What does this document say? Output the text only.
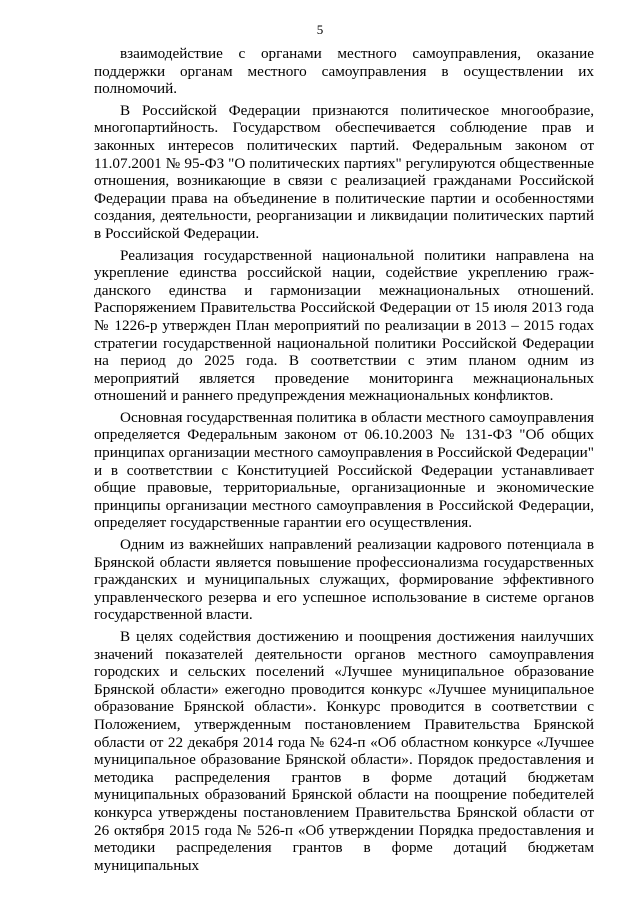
5

взаимодействие с органами местного самоуправления, оказание поддержки органам местного самоуправления в осуществлении их полномочий.

В Российской Федерации признаются политическое многообразие, многопартийность. Государством обеспечивается соблюдение прав и законных интересов политических партий. Федеральным законом от 11.07.2001 № 95-ФЗ "О политических партиях" регулируются общественные отношения, возникающие в связи с реализацией гражданами Российской Федерации права на объединение в политические партии и особенностями создания, деятельности, реорганизации и ликвидации политических партий в Российской Федерации.

Реализация государственной национальной политики направлена на укрепление единства российской нации, содействие укреплению гражданского единства и гармонизации межнациональных отношений. Распоряжением Правительства Российской Федерации от 15 июля 2013 года № 1226-р утвержден План мероприятий по реализации в 2013 – 2015 годах стратегии государственной национальной политики Российской Федерации на период до 2025 года. В соответствии с этим планом одним из мероприятий является проведение мониторинга межнациональных отношений и раннего предупреждения межнациональных конфликтов.

Основная государственная политика в области местного самоуправления определяется Федеральным законом от 06.10.2003 № 131-ФЗ "Об общих принципах организации местного самоуправления в Российской Федерации" и в соответствии с Конституцией Российской Федерации устанавливает общие правовые, территориальные, организационные и экономические принципы организации местного самоуправления в Российской Федерации, определяет государственные гарантии его осуществления.

Одним из важнейших направлений реализации кадрового потенциала в Брянской области является повышение профессионализма государственных гражданских и муниципальных служащих, формирование эффективного управленческого резерва и его успешное использование в системе органов государственной власти.

В целях содействия достижению и поощрения достижения наилучших значений показателей деятельности органов местного самоуправления городских и сельских поселений «Лучшее муниципальное образование Брянской области» ежегодно проводится конкурс «Лучшее муниципальное образование Брянской области». Конкурс проводится в соответствии с Положением, утвержденным постановлением Правительства Брянской области от 22 декабря 2014 года № 624-п «Об областном конкурсе «Лучшее муниципальное образование Брянской области». Порядок предоставления и методика распределения грантов в форме дотаций бюджетам муниципальных образований Брянской области на поощрение победителей конкурса утверждены постановлением Правительства Брянской области от 26 октября 2015 года № 526-п «Об утверждении Порядка предоставления и методики распределения грантов в форме дотаций бюджетам муниципальных
